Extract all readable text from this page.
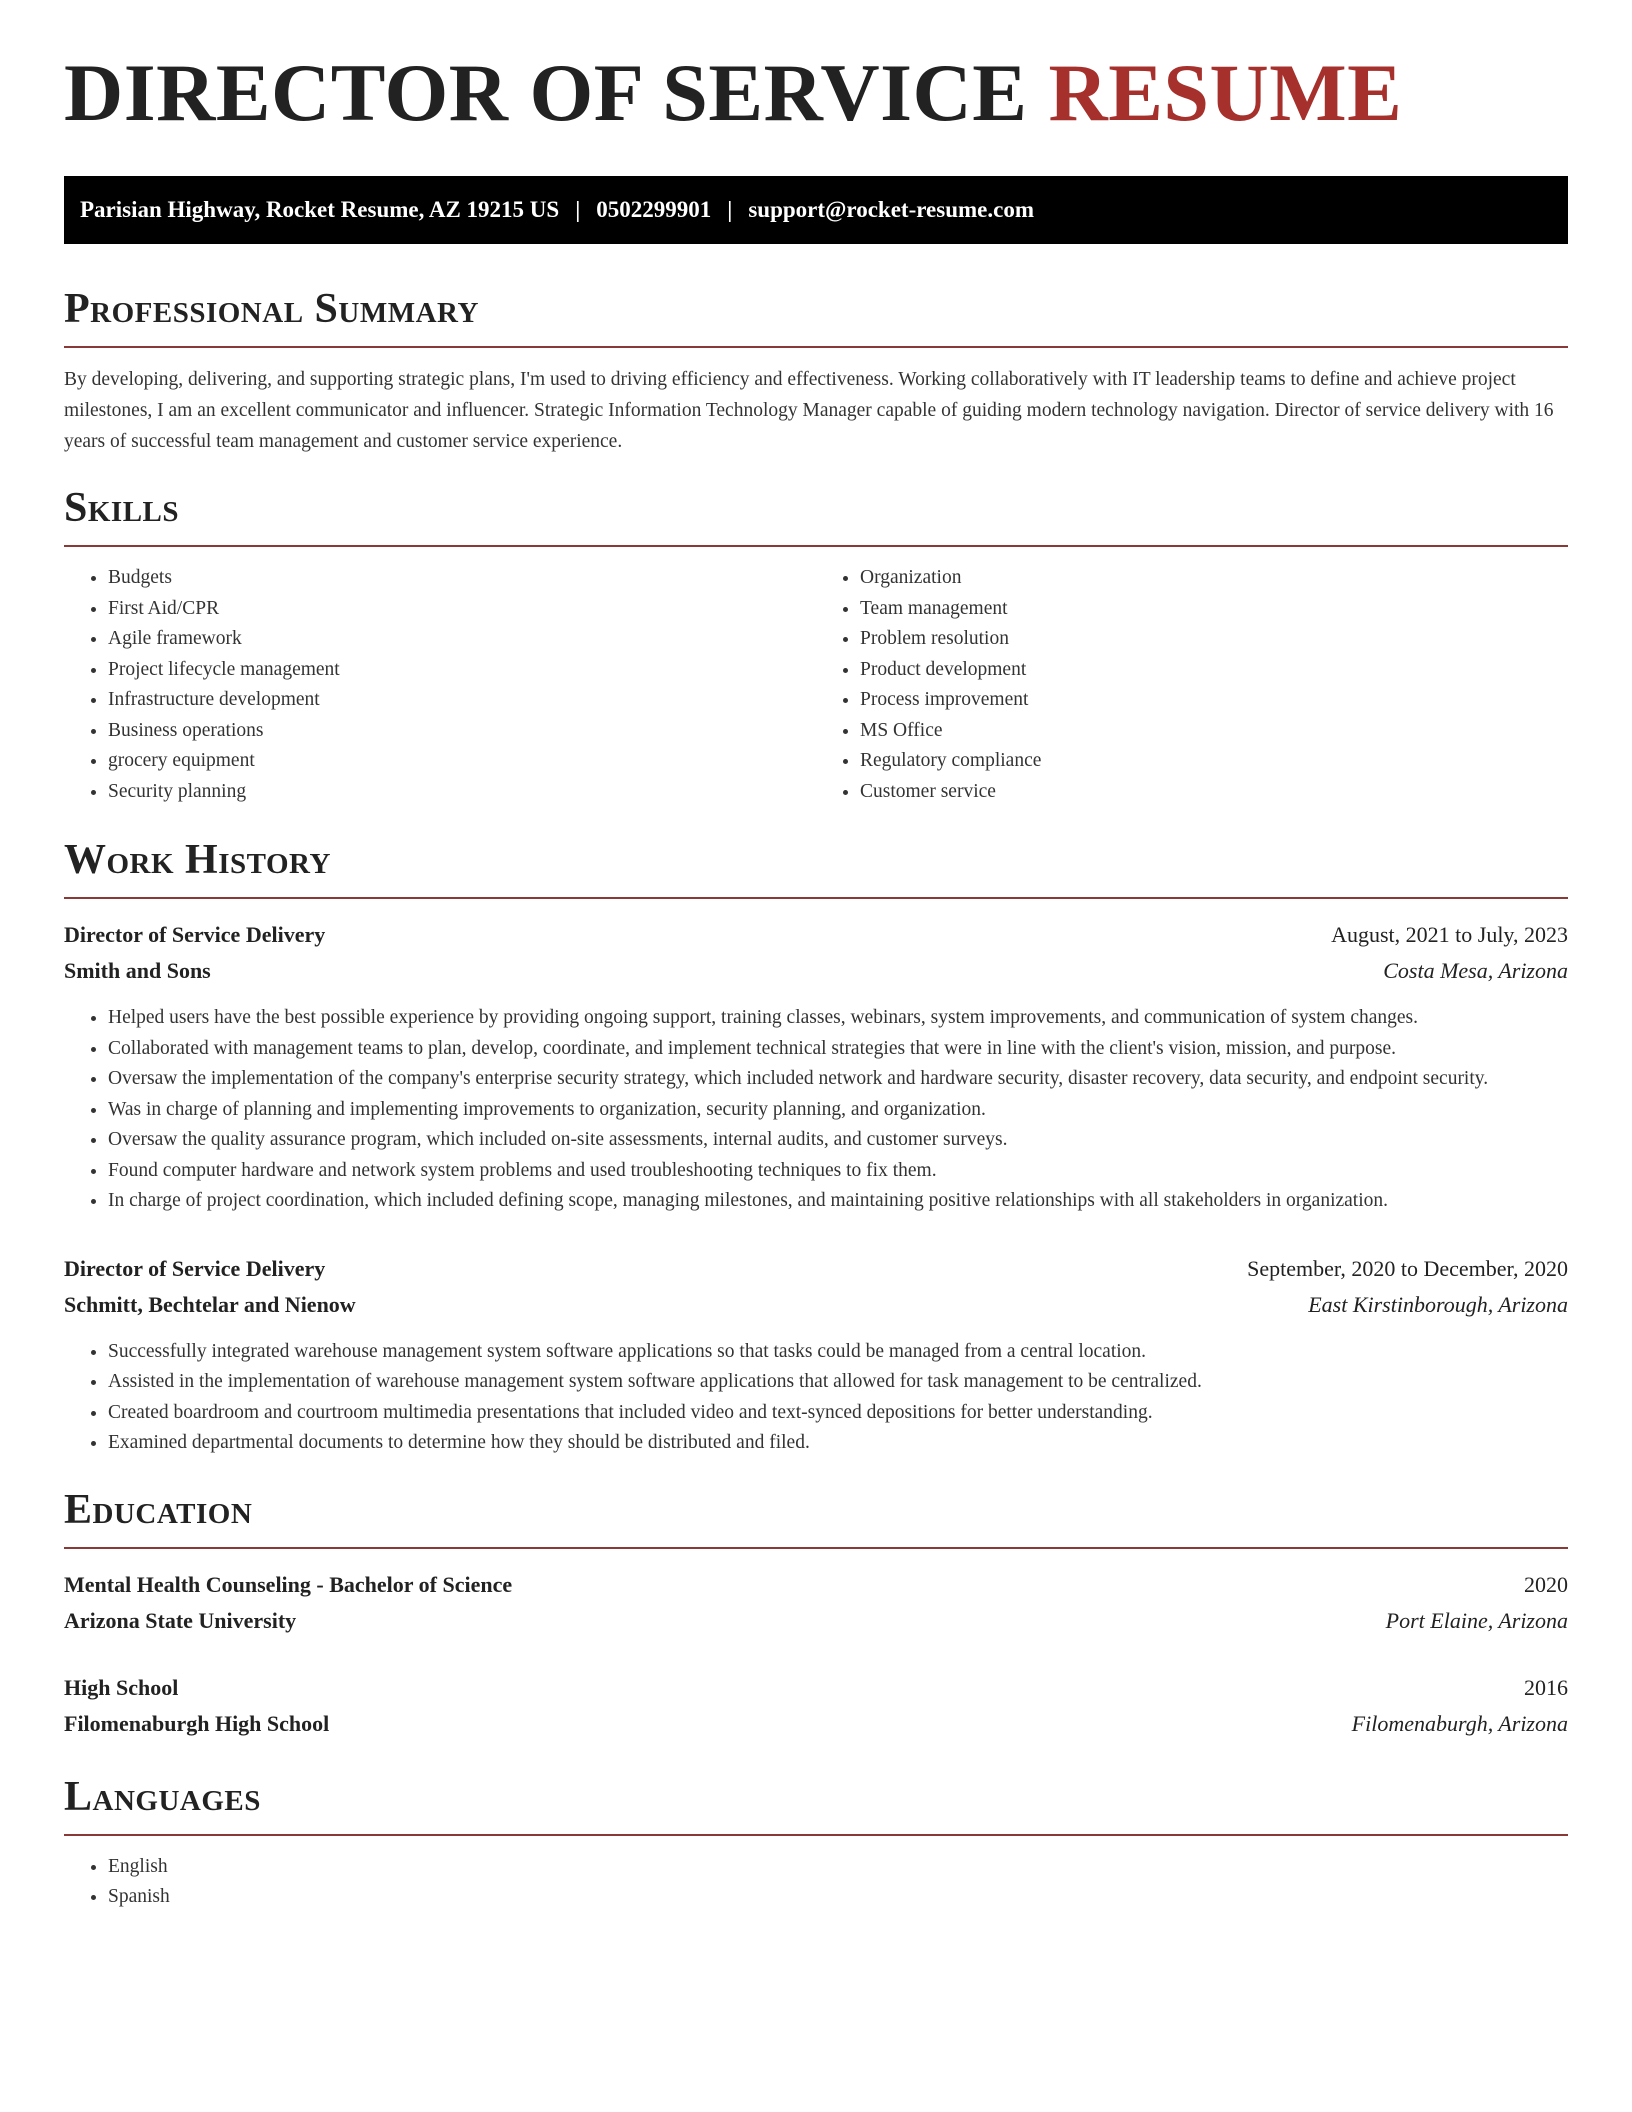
DIRECTOR OF SERVICE RESUME
Parisian Highway, Rocket Resume, AZ 19215 US | 0502299901 | support@rocket-resume.com
Professional Summary

By developing, delivering, and supporting strategic plans, I'm used to driving efficiency and effectiveness. Working collaboratively with IT leadership teams to define and achieve project milestones, I am an excellent communicator and influencer. Strategic Information Technology Manager capable of guiding modern technology navigation. Director of service delivery with 16 years of successful team management and customer service experience.

Skills
• Budgets
• First Aid/CPR
• Agile framework
• Project lifecycle management
• Infrastructure development
• Business operations
• grocery equipment
• Security planning
• Organization
• Team management
• Problem resolution
• Product development
• Process improvement
• MS Office
• Regulatory compliance
• Customer service
Work History
Director of Service Delivery	August, 2021 to July, 2023
Smith and Sons	Costa Mesa, Arizona
• Helped users have the best possible experience by providing ongoing support, training classes, webinars, system improvements, and communication of system changes.
• Collaborated with management teams to plan, develop, coordinate, and implement technical strategies that were in line with the client's vision, mission, and purpose.
• Oversaw the implementation of the company's enterprise security strategy, which included network and hardware security, disaster recovery, data security, and endpoint security.
• Was in charge of planning and implementing improvements to organization, security planning, and organization.
• Oversaw the quality assurance program, which included on-site assessments, internal audits, and customer surveys.
• Found computer hardware and network system problems and used troubleshooting techniques to fix them.
• In charge of project coordination, which included defining scope, managing milestones, and maintaining positive relationships with all stakeholders in organization.
Director of Service Delivery	September, 2020 to December, 2020
Schmitt, Bechtelar and Nienow	East Kirstinborough, Arizona
• Successfully integrated warehouse management system software applications so that tasks could be managed from a central location.
• Assisted in the implementation of warehouse management system software applications that allowed for task management to be centralized.
• Created boardroom and courtroom multimedia presentations that included video and text-synced depositions for better understanding.
• Examined departmental documents to determine how they should be distributed and filed.
Education
Mental Health Counseling - Bachelor of Science	2020
Arizona State University	Port Elaine, Arizona
High School	2016
Filomenaburgh High School	Filomenaburgh, Arizona
Languages
• English
• Spanish
